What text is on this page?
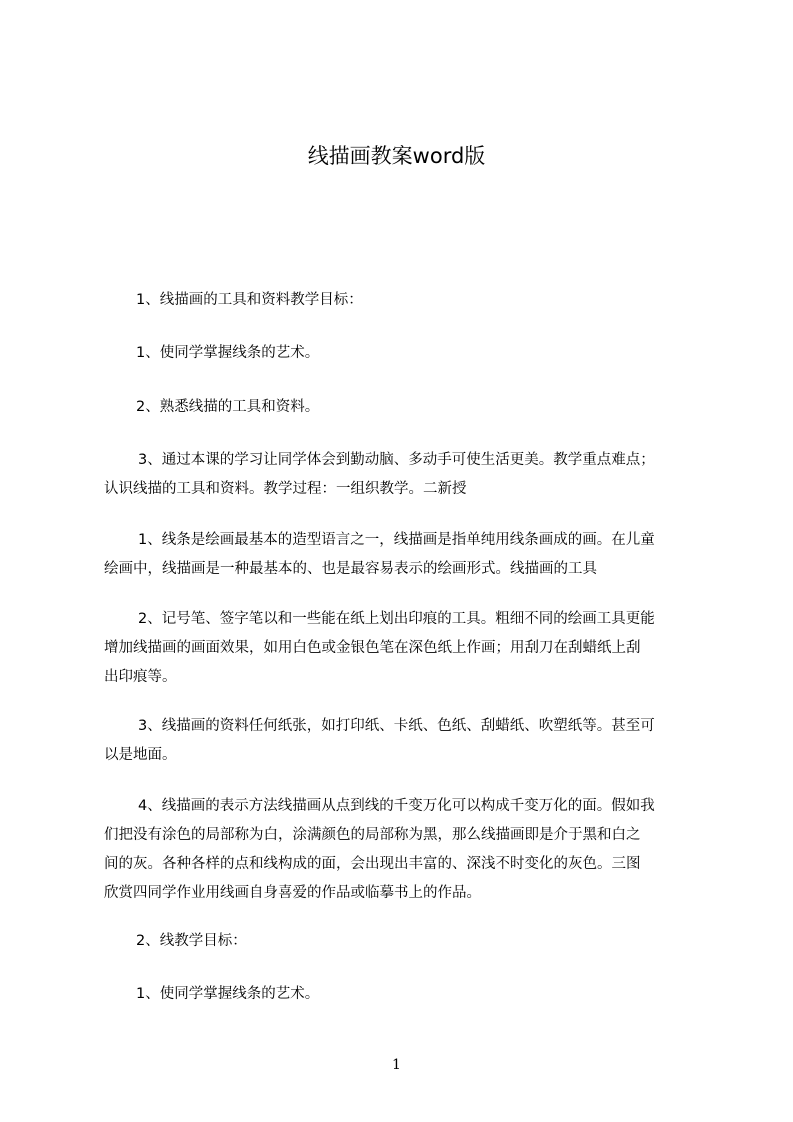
线描画教案word版
1、线描画的工具和资料教学目标：
1、使同学掌握线条的艺术。
2、熟悉线描的工具和资料。
3、通过本课的学习让同学体会到勤动脑、多动手可使生活更美。教学重点难点；
认识线描的工具和资料。教学过程：一组织教学。二新授
1、线条是绘画最基本的造型语言之一，线描画是指单纯用线条画成的画。在儿童
绘画中，线描画是一种最基本的、也是最容易表示的绘画形式。线描画的工具
2、记号笔、签字笔以和一些能在纸上划出印痕的工具。粗细不同的绘画工具更能
增加线描画的画面效果，如用白色或金银色笔在深色纸上作画；用刮刀在刮蜡纸上刮
出印痕等。
3、线描画的资料任何纸张，如打印纸、卡纸、色纸、刮蜡纸、吹塑纸等。甚至可
以是地面。
4、线描画的表示方法线描画从点到线的千变万化可以构成千变万化的面。假如我
们把没有涂色的局部称为白，涂满颜色的局部称为黑，那么线描画即是介于黑和白之
间的灰。各种各样的点和线构成的面，会出现出丰富的、深浅不时变化的灰色。三图
欣赏四同学作业用线画自身喜爱的作品或临摹书上的作品。
2、线教学目标：
1、使同学掌握线条的艺术。
1
